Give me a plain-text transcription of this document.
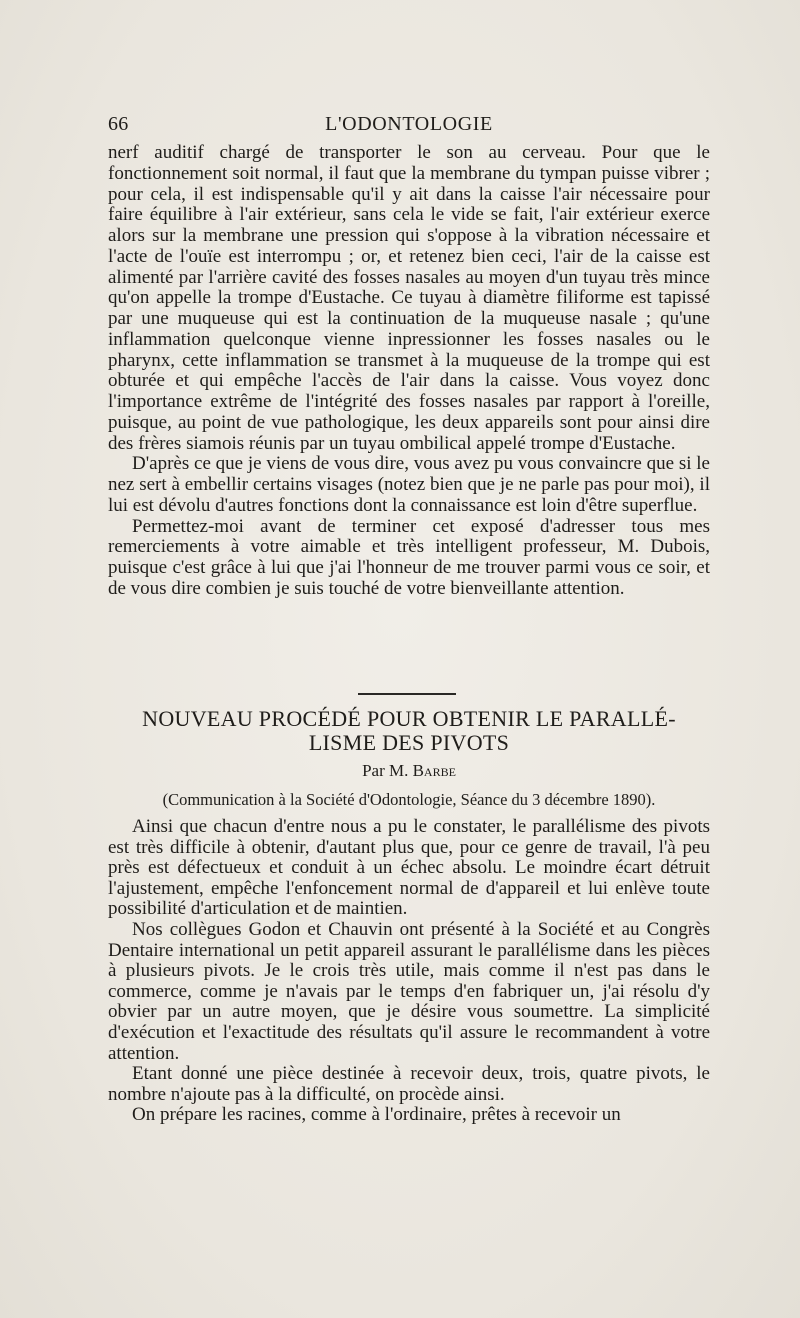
66	L'ODONTOLOGIE

nerf auditif chargé de transporter le son au cerveau. Pour que le fonctionnement soit normal, il faut que la membrane du tympan puisse vibrer ; pour cela, il est indispensable qu'il y ait dans la caisse l'air nécessaire pour faire équilibre à l'air extérieur, sans cela le vide se fait, l'air extérieur exerce alors sur la membrane une pression qui s'oppose à la vibration nécessaire et l'acte de l'ouïe est interrompu ; or, et retenez bien ceci, l'air de la caisse est alimenté par l'arrière cavité des fosses nasales au moyen d'un tuyau très mince qu'on appelle la trompe d'Eustache. Ce tuyau à diamètre filiforme est tapissé par une muqueuse qui est la continuation de la muqueuse nasale ; qu'une inflammation quelconque vienne inpressionner les fosses nasales ou le pharynx, cette inflammation se transmet à la muqueuse de la trompe qui est obturée et qui empêche l'accès de l'air dans la caisse. Vous voyez donc l'importance extrême de l'intégrité des fosses nasales par rapport à l'oreille, puisque, au point de vue pathologique, les deux appareils sont pour ainsi dire des frères siamois réunis par un tuyau ombilical appelé trompe d'Eustache.

D'après ce que je viens de vous dire, vous avez pu vous convaincre que si le nez sert à embellir certains visages (notez bien que je ne parle pas pour moi), il lui est dévolu d'autres fonctions dont la connaissance est loin d'être superflue.

Permettez-moi avant de terminer cet exposé d'adresser tous mes remerciements à votre aimable et très intelligent professeur, M. Dubois, puisque c'est grâce à lui que j'ai l'honneur de me trouver parmi vous ce soir, et de vous dire combien je suis touché de votre bienveillante attention.

NOUVEAU PROCÉDÉ POUR OBTENIR LE PARALLÉ-
LISME DES PIVOTS
Par M. Barbe
(Communication à la Société d'Odontologie, Séance du 3 décembre 1890).

Ainsi que chacun d'entre nous a pu le constater, le parallélisme des pivots est très difficile à obtenir, d'autant plus que, pour ce genre de travail, l'à peu près est défectueux et conduit à un échec absolu. Le moindre écart détruit l'ajustement, empêche l'enfoncement normal de d'appareil et lui enlève toute possibilité d'articulation et de maintien.

Nos collègues Godon et Chauvin ont présenté à la Société et au Congrès Dentaire international un petit appareil assurant le parallélisme dans les pièces à plusieurs pivots. Je le crois très utile, mais comme il n'est pas dans le commerce, comme je n'avais par le temps d'en fabriquer un, j'ai résolu d'y obvier par un autre moyen, que je désire vous soumettre. La simplicité d'exécution et l'exactitude des résultats qu'il assure le recommandent à votre attention.

Etant donné une pièce destinée à recevoir deux, trois, quatre pivots, le nombre n'ajoute pas à la difficulté, on procède ainsi.

On prépare les racines, comme à l'ordinaire, prêtes à recevoir un
